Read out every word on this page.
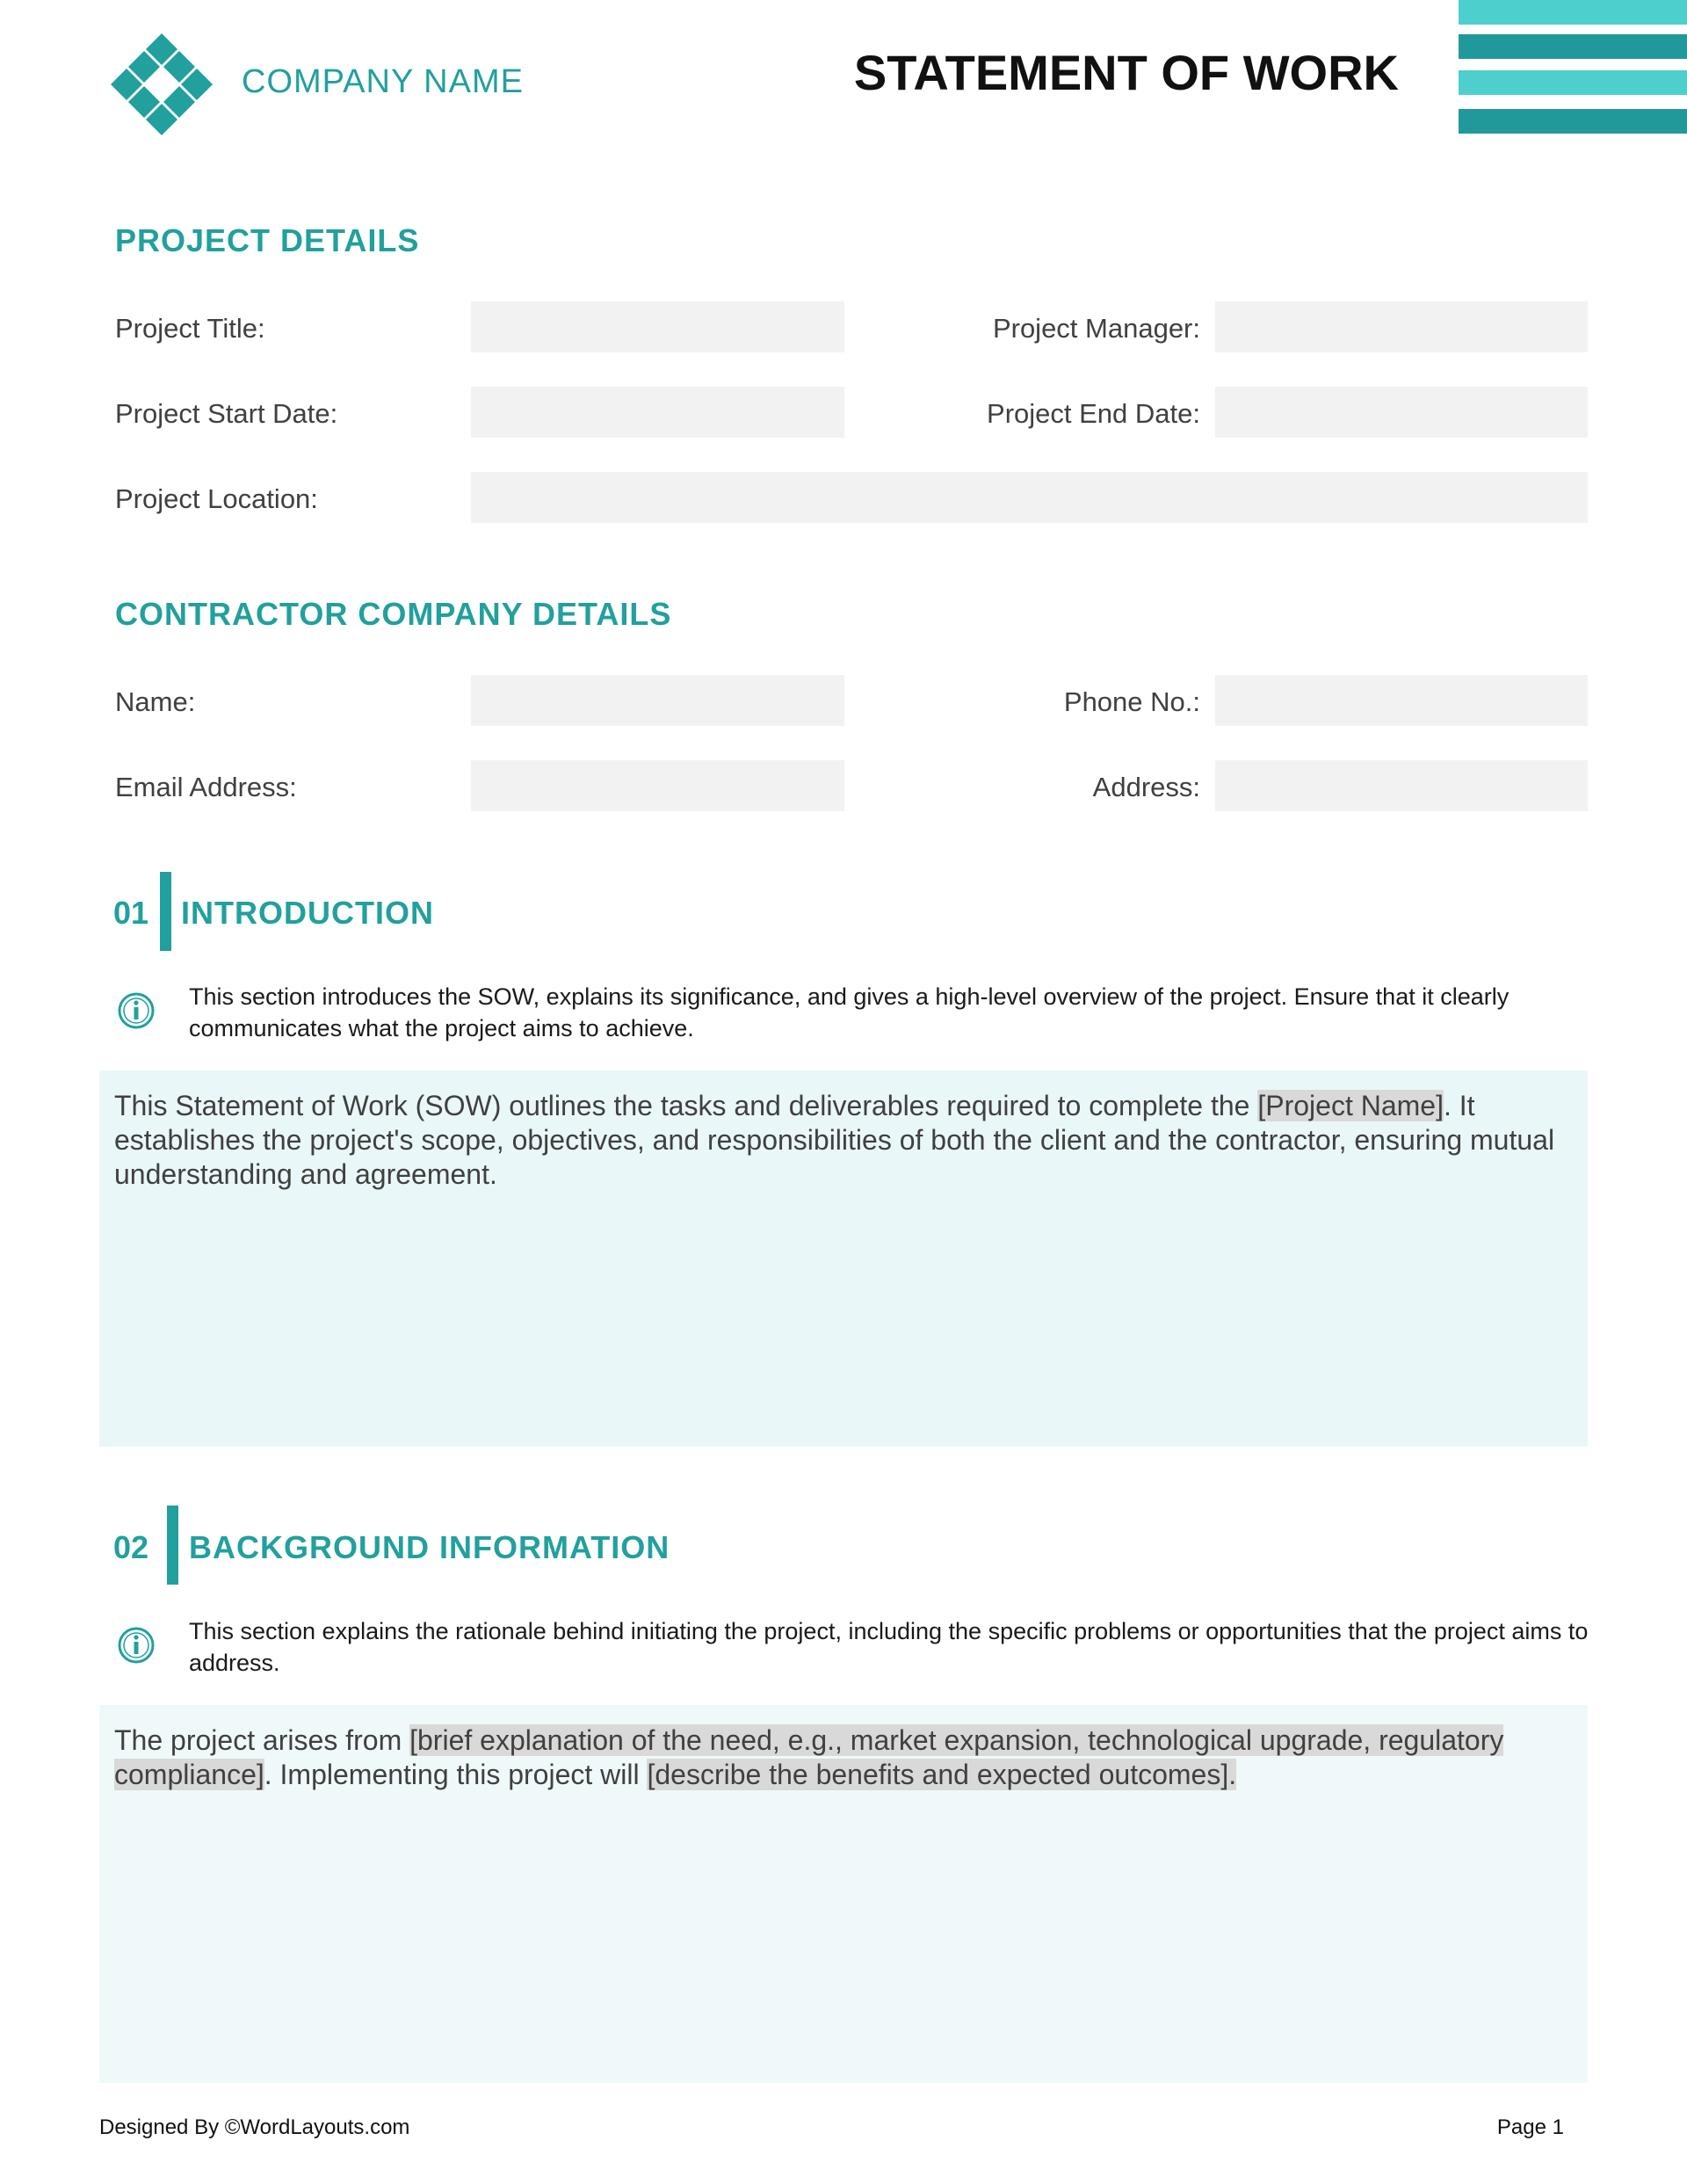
COMPANY NAME	STATEMENT OF WORK
PROJECT DETAILS
Project Title:	Project Manager:
Project Start Date:	Project End Date:
Project Location:
CONTRACTOR COMPANY DETAILS
Name:	Phone No.:
Email Address:	Address:
01 INTRODUCTION
This section introduces the SOW, explains its significance, and gives a high-level overview of the project. Ensure that it clearly communicates what the project aims to achieve.
This Statement of Work (SOW) outlines the tasks and deliverables required to complete the [Project Name]. It establishes the project's scope, objectives, and responsibilities of both the client and the contractor, ensuring mutual understanding and agreement.
02 BACKGROUND INFORMATION
This section explains the rationale behind initiating the project, including the specific problems or opportunities that the project aims to address.
The project arises from [brief explanation of the need, e.g., market expansion, technological upgrade, regulatory compliance]. Implementing this project will [describe the benefits and expected outcomes].
Designed By ©WordLayouts.com	Page 1
